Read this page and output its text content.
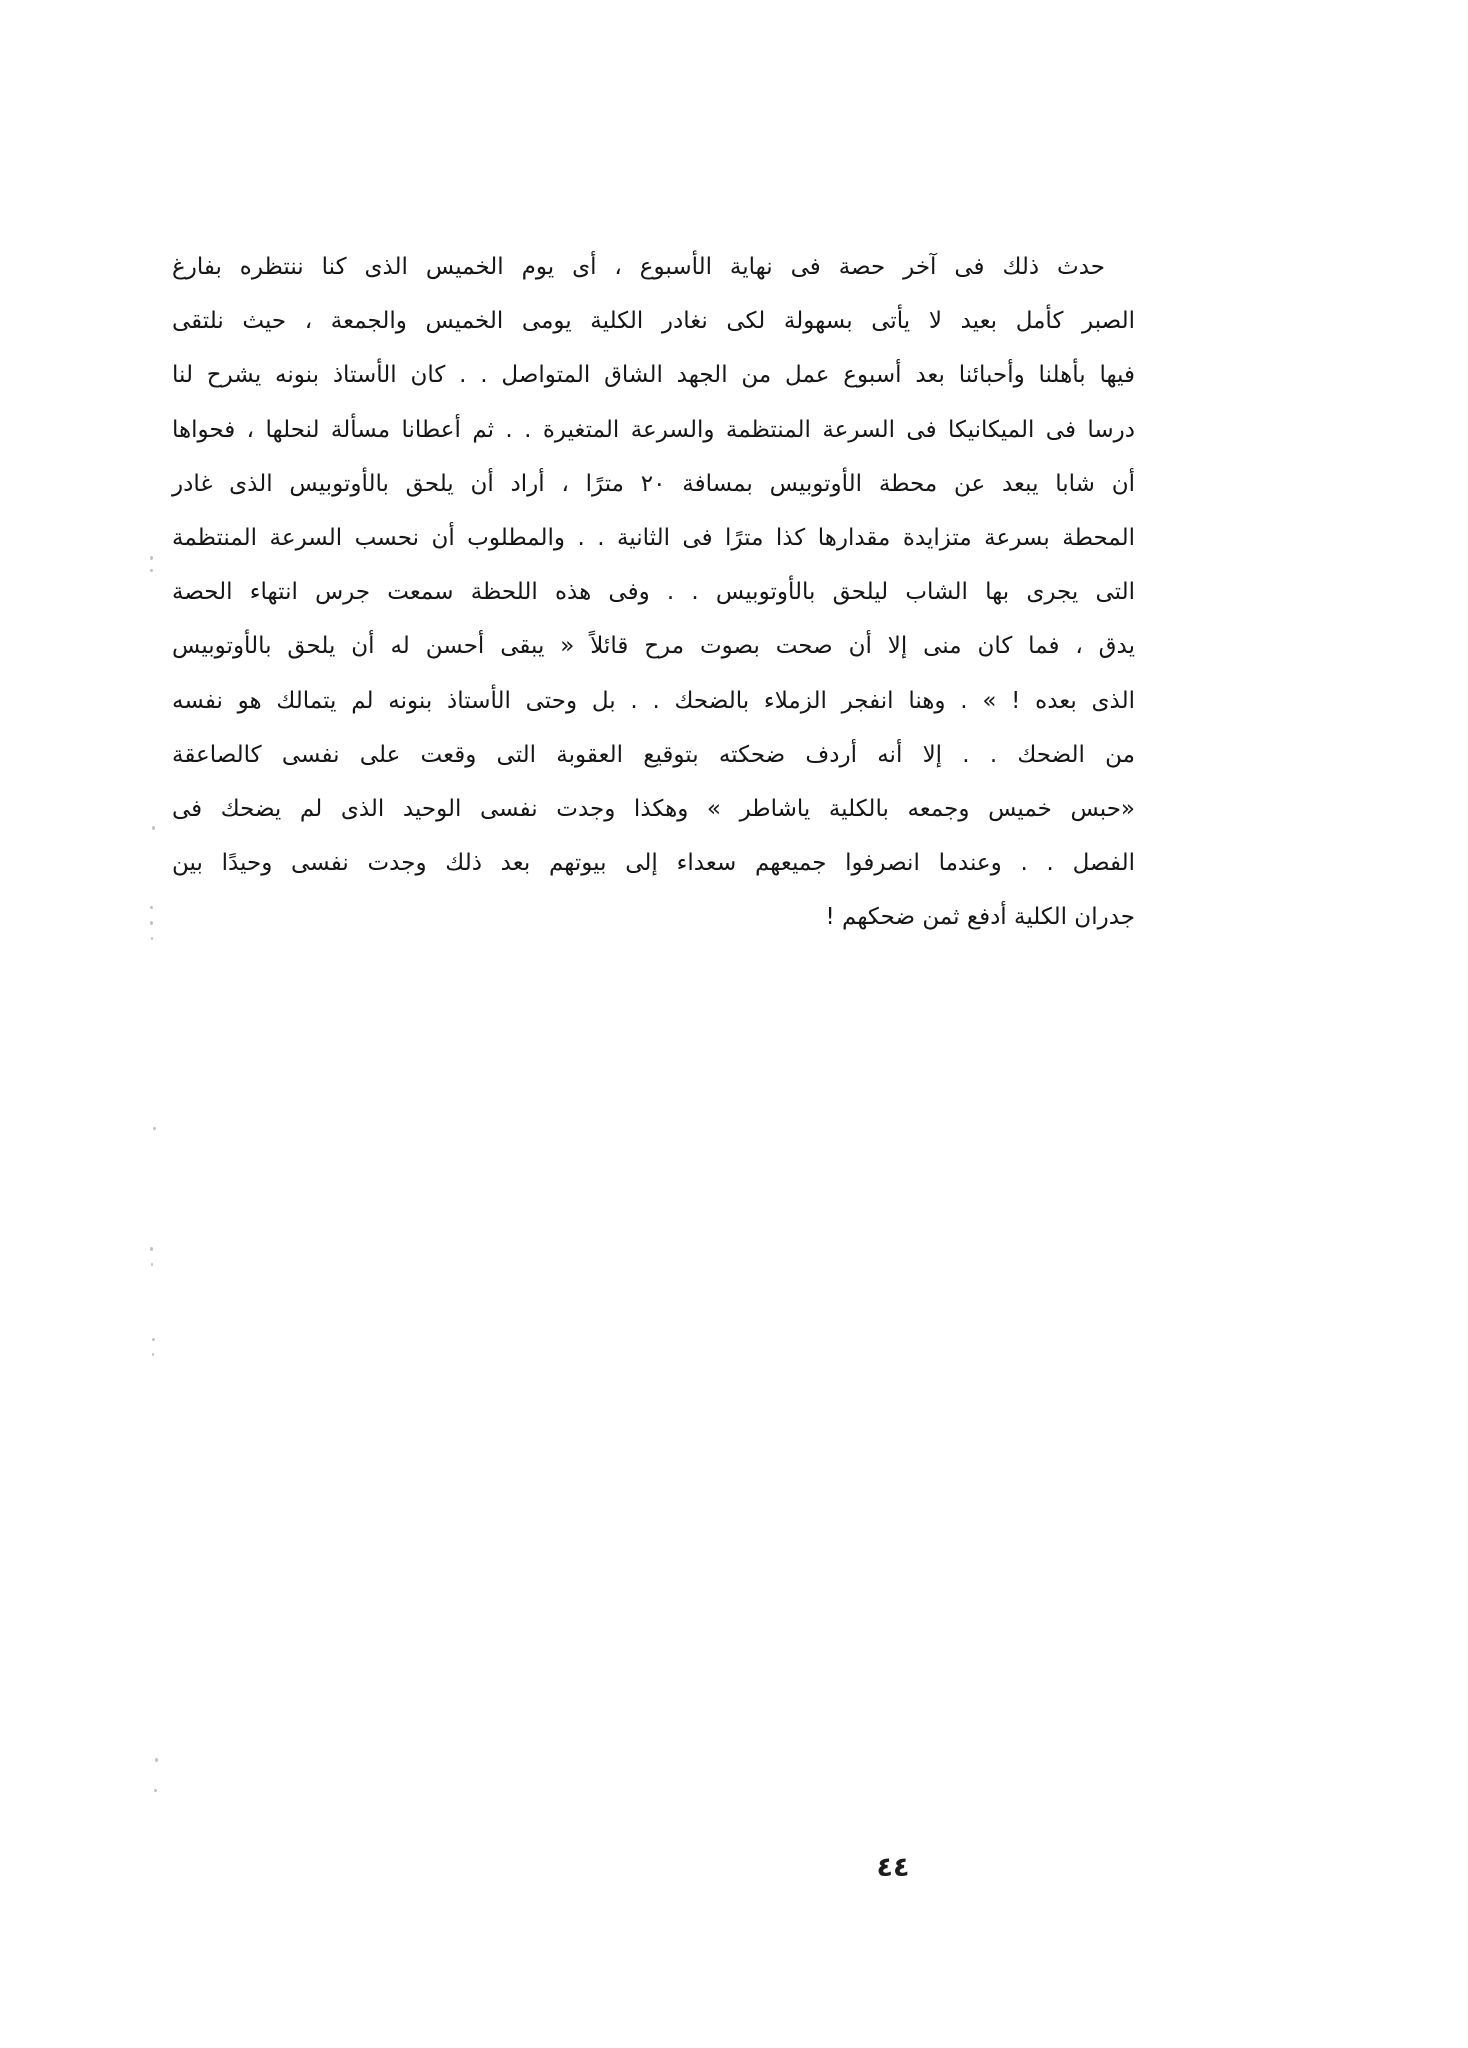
حدث ذلك فى آخر حصة فى نهاية الأسبوع ، أى يوم الخميس الذى كنا ننتظره بفارغ
الصبر كأمل بعيد لا يأتى بسهولة لكى نغادر الكلية يومى الخميس والجمعة ، حيث نلتقى
فيها بأهلنا وأحبائنا بعد أسبوع عمل من الجهد الشاق المتواصل . . كان الأستاذ بنونه يشرح لنا
درسا فى الميكانيكا فى السرعة المنتظمة والسرعة المتغيرة . . ثم أعطانا مسألة لنحلها ، فحواها
أن شابا يبعد عن محطة الأوتوبيس بمسافة ٢٠ مترًا ، أراد أن يلحق بالأوتوبيس الذى غادر
المحطة بسرعة متزايدة مقدارها كذا مترًا فى الثانية . . والمطلوب أن نحسب السرعة المنتظمة
التى يجرى بها الشاب ليلحق بالأوتوبيس . . وفى هذه اللحظة سمعت جرس انتهاء الحصة
يدق ، فما كان منى إلا أن صحت بصوت مرح قائلاً « يبقى أحسن له أن يلحق بالأوتوبيس
الذى بعده ! » . وهنا انفجر الزملاء بالضحك . . بل وحتى الأستاذ بنونه لم يتمالك هو نفسه
من الضحك . . إلا أنه أردف ضحكته بتوقيع العقوبة التى وقعت على نفسى كالصاعقة
«حبس خميس وجمعه بالكلية ياشاطر » وهكذا وجدت نفسى الوحيد الذى لم يضحك فى
الفصل . . وعندما انصرفوا جميعهم سعداء إلى بيوتهم بعد ذلك وجدت نفسى وحيدًا بين
جدران الكلية أدفع ثمن ضحكهم !
٤٤
